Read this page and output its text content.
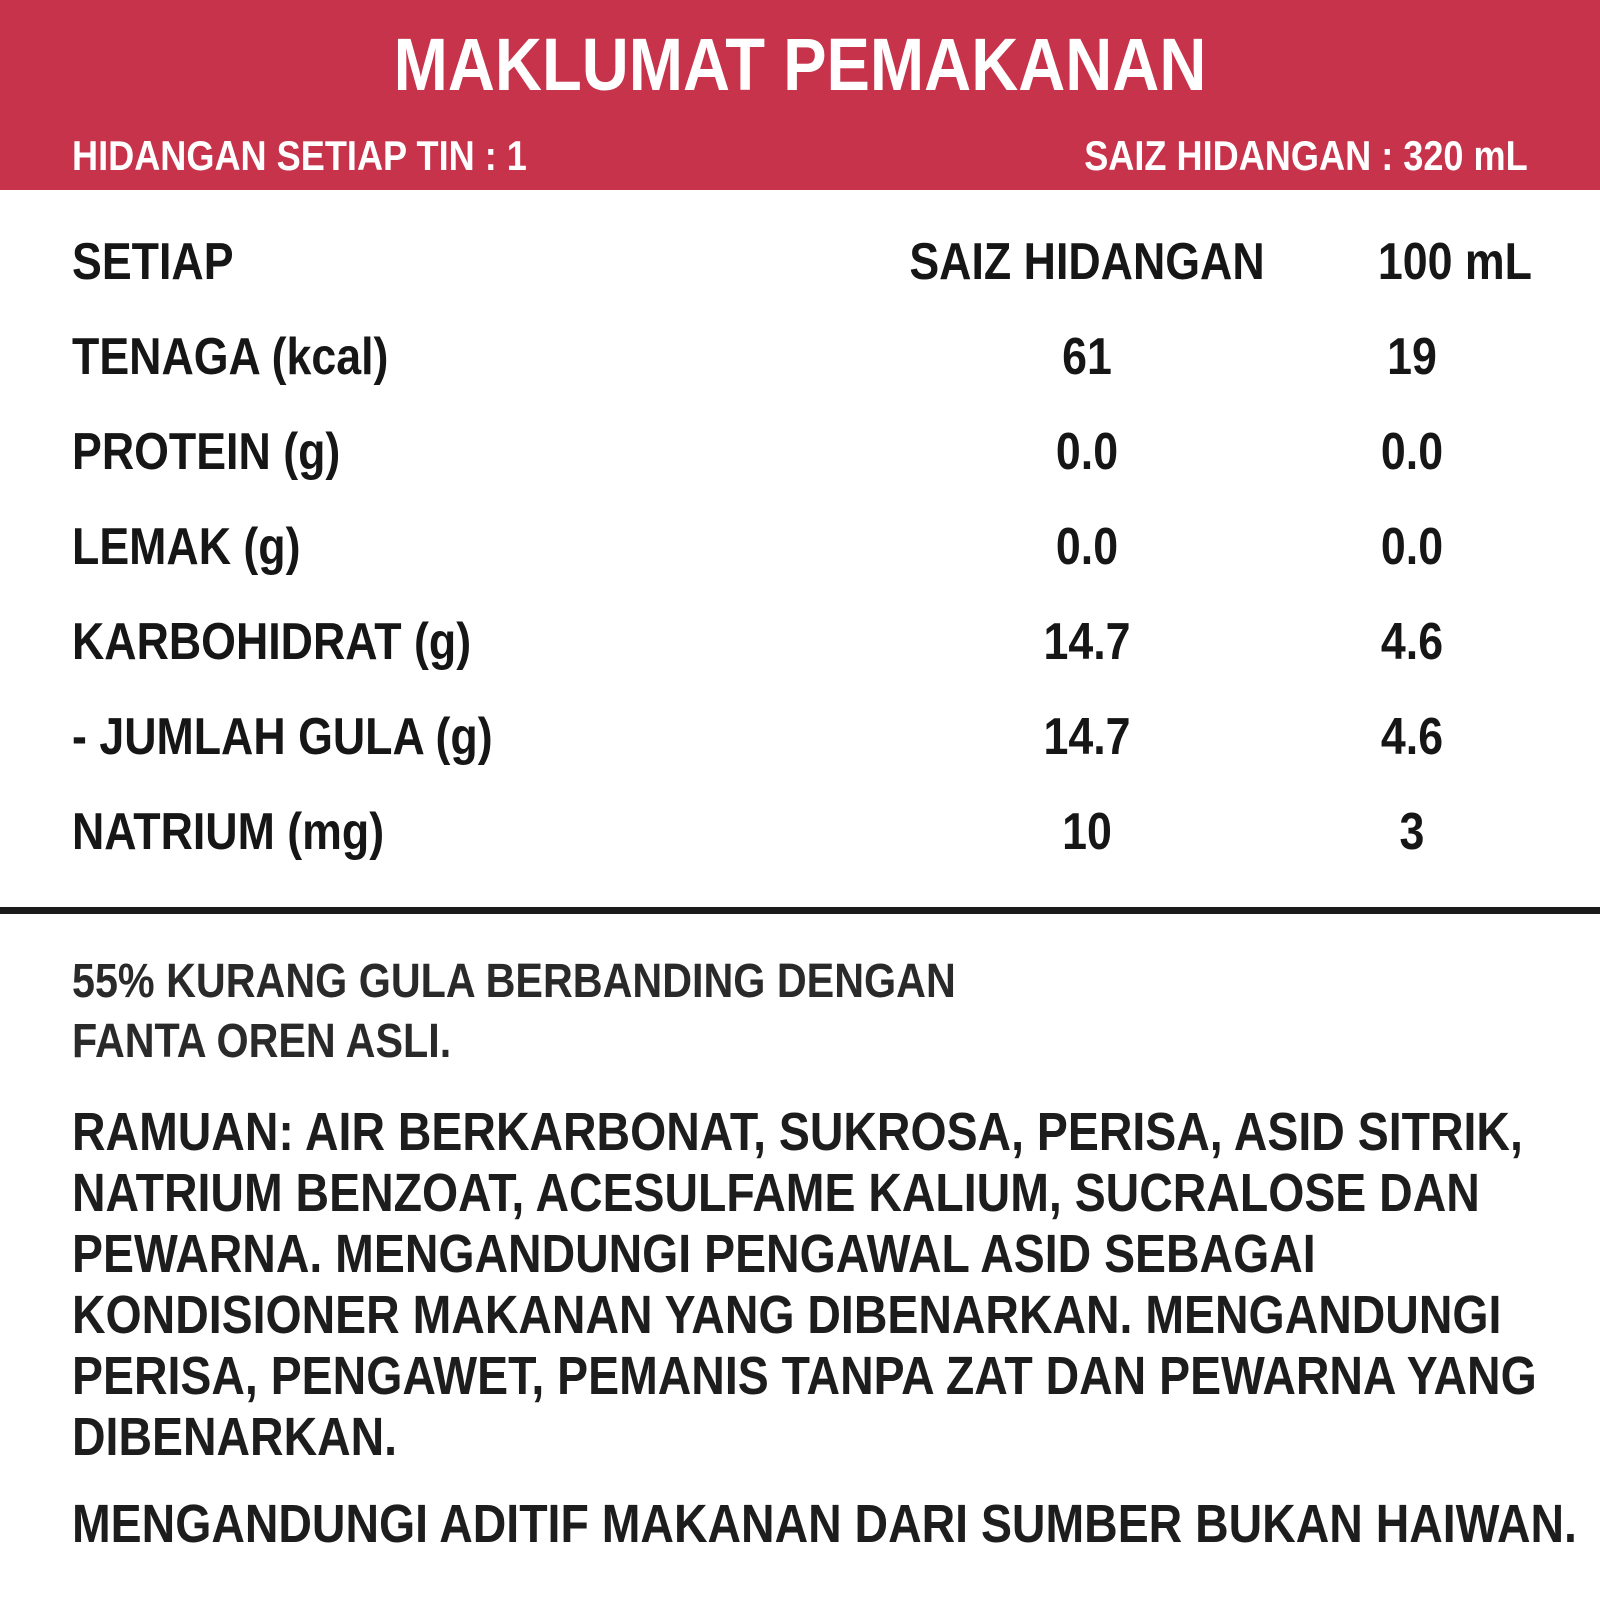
MAKLUMAT PEMAKANAN
HIDANGAN SETIAP TIN : 1	SAIZ HIDANGAN : 320 mL
SETIAP	SAIZ HIDANGAN	100 mL
TENAGA (kcal)	61	19
PROTEIN (g)	0.0	0.0
LEMAK (g)	0.0	0.0
KARBOHIDRAT (g)	14.7	4.6
- JUMLAH GULA (g)	14.7	4.6
NATRIUM (mg)	10	3
55% KURANG GULA BERBANDING DENGAN FANTA OREN ASLI.
RAMUAN: AIR BERKARBONAT, SUKROSA, PERISA, ASID SITRIK, NATRIUM BENZOAT, ACESULFAME KALIUM, SUCRALOSE DAN PEWARNA. MENGANDUNGI PENGAWAL ASID SEBAGAI KONDISIONER MAKANAN YANG DIBENARKAN. MENGANDUNGI PERISA, PENGAWET, PEMANIS TANPA ZAT DAN PEWARNA YANG DIBENARKAN.
MENGANDUNGI ADITIF MAKANAN DARI SUMBER BUKAN HAIWAN.
